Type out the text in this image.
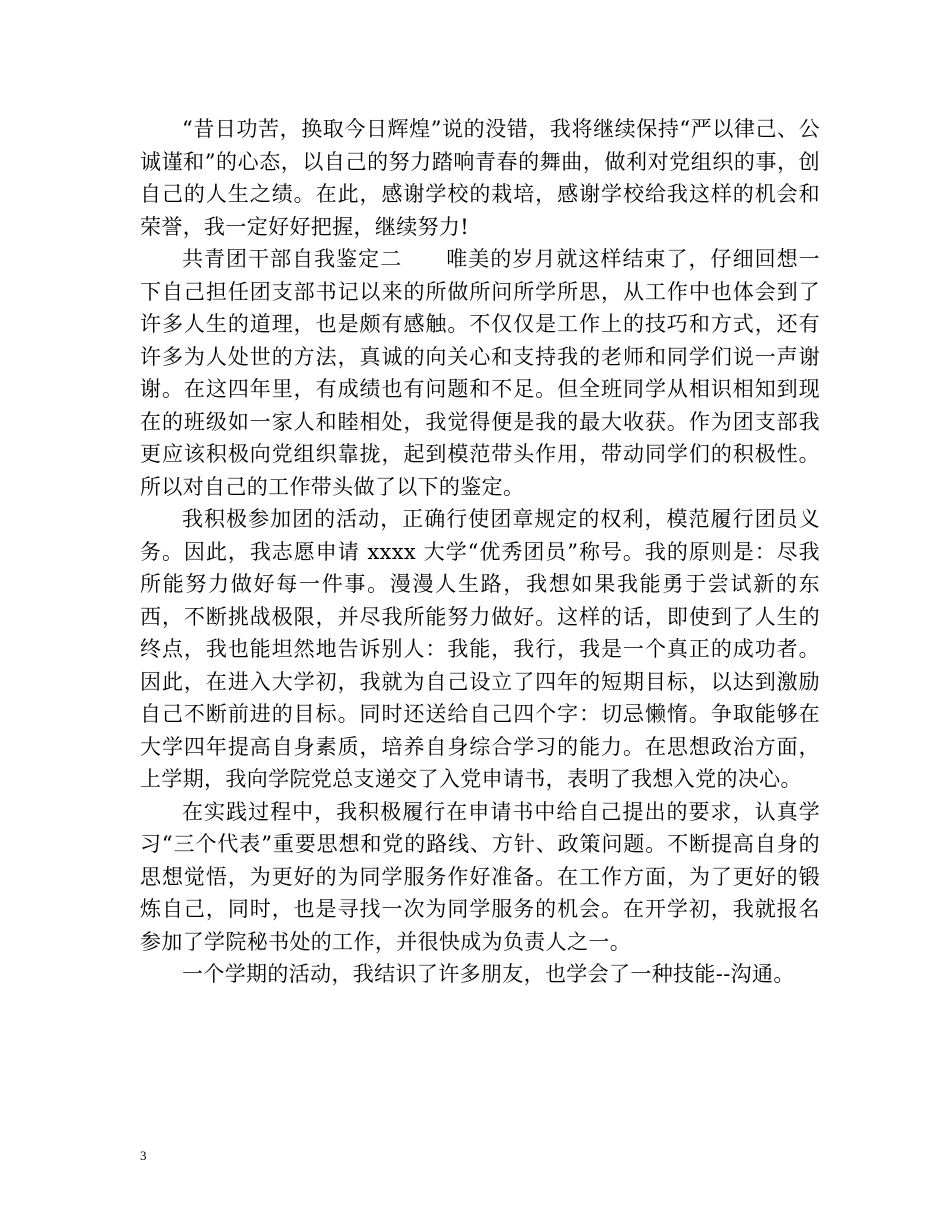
“昔日功苦，换取今日辉煌”说的没错，我将继续保持“严以律己、公诚谨和”的心态，以自己的努力踏响青春的舞曲，做利对党组织的事，创自己的人生之绩。在此，感谢学校的栽培，感谢学校给我这样的机会和荣誉，我一定好好把握，继续努力!

共青团干部自我鉴定二　　唯美的岁月就这样结束了，仔细回想一下自己担任团支部书记以来的所做所问所学所思，从工作中也体会到了许多人生的道理，也是颇有感触。不仅仅是工作上的技巧和方式，还有许多为人处世的方法，真诚的向关心和支持我的老师和同学们说一声谢谢。在这四年里，有成绩也有问题和不足。但全班同学从相识相知到现在的班级如一家人和睦相处，我觉得便是我的最大收获。作为团支部我更应该积极向党组织靠拢，起到模范带头作用，带动同学们的积极性。所以对自己的工作带头做了以下的鉴定。

我积极参加团的活动，正确行使团章规定的权利，模范履行团员义务。因此，我志愿申请 xxxx 大学“优秀团员”称号。我的原则是：尽我所能努力做好每一件事。漫漫人生路，我想如果我能勇于尝试新的东西，不断挑战极限，并尽我所能努力做好。这样的话，即使到了人生的终点，我也能坦然地告诉别人：我能，我行，我是一个真正的成功者。因此，在进入大学初，我就为自己设立了四年的短期目标，以达到激励自己不断前进的目标。同时还送给自己四个字：切忌懒惰。争取能够在大学四年提高自身素质，培养自身综合学习的能力。在思想政治方面，上学期，我向学院党总支递交了入党申请书，表明了我想入党的决心。

在实践过程中，我积极履行在申请书中给自己提出的要求，认真学习“三个代表”重要思想和党的路线、方针、政策问题。不断提高自身的思想觉悟，为更好的为同学服务作好准备。在工作方面，为了更好的锻炼自己，同时，也是寻找一次为同学服务的机会。在开学初，我就报名参加了学院秘书处的工作，并很快成为负责人之一。

一个学期的活动，我结识了许多朋友，也学会了一种技能--沟通。

3
